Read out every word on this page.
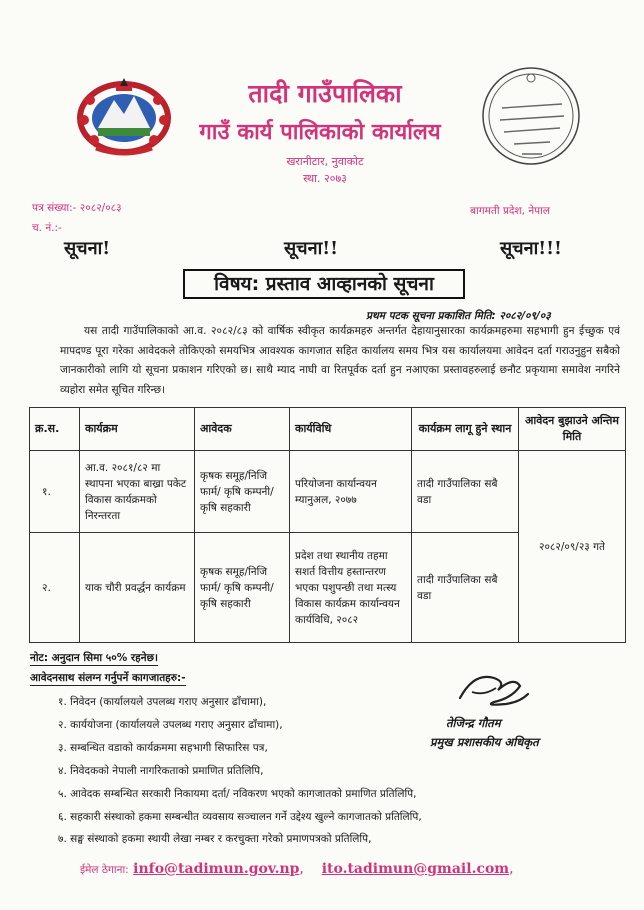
तादी गाउँपालिका
गाउँ कार्य पालिकाको कार्यालय
खरानीटार, नुवाकोट
स्था. २०७३
पत्र संख्या:- २०८२/०८३
च. नं.:-
बागमती प्रदेश, नेपाल
सूचना!	सूचना!!	सूचना!!!
विषय: प्रस्ताव आव्हानको सूचना
प्रथम पटक सूचना प्रकाशित मिति: २०८२/०९/०३
यस तादी गाउँपालिकाको आ.व. २०८२/८३ को वार्षिक स्वीकृत कार्यक्रमहरु अन्तर्गत देहायानुसारका कार्यक्रमहरुमा सहभागी हुन ईच्छुक एवं मापदण्ड पूरा गरेका आवेदकले तोकिएको समयभित्र आवश्यक कागजात सहित कार्यालय समय भित्र यस कार्यालयमा आवेदन दर्ता गराउनुहुन सबैको जानकारीको लागि यो सूचना प्रकाशन गरिएको छ। साथै म्याद नाघी वा रितपूर्वक दर्ता हुन नआएका प्रस्तावहरुलाई छनौट प्रकृयामा समावेश नगरिने व्यहोरा समेत सूचित गरिन्छ।
क्र.स.	कार्यक्रम	आवेदक	कार्यविधि	कार्यक्रम लागू हुने स्थान	आवेदन बुझाउने अन्तिम मिति
१.	आ.व. २०८१/८२ मा स्थापना भएका बाख्रा पकेट विकास कार्यक्रमको निरन्तरता	कृषक समूह/निजि फार्म/ कृषि कम्पनी/ कृषि सहकारी	परियोजना कार्यान्वयन म्यानुअल, २०७७	तादी गाउँपालिका सबै वडा	२०८२/०९/२३ गते
२.	याक चौरी प्रवर्द्धन कार्यक्रम	कृषक समूह/निजि फार्म/ कृषि कम्पनी/ कृषि सहकारी	प्रदेश तथा स्थानीय तहमा सशर्त वित्तीय हस्तान्तरण भएका पशुपन्छी तथा मत्स्य विकास कार्यक्रम कार्यान्वयन कार्यविधि, २०८२	तादी गाउँपालिका सबै वडा	
नोट: अनुदान सिमा ५०% रहनेछ।
आवेदनसाथ संलग्न गर्नुपर्ने कागजातहरु:-
१. निवेदन (कार्यालयले उपलब्ध गराए अनुसार ढाँचामा),
२. कार्ययोजना (कार्यालयले उपलब्ध गराए अनुसार ढाँचामा),
३. सम्बन्धित वडाको कार्यक्रममा सहभागी सिफारिस पत्र,
४. निवेदकको नेपाली नागरिकताको प्रमाणित प्रतिलिपि,
५. आवेदक सम्बन्धित सरकारी निकायमा दर्ता/ नविकरण भएको कागजातको प्रमाणित प्रतिलिपि,
६. सहकारी संस्थाको हकमा सम्बन्धीत व्यवसाय सञ्चालन गर्ने उद्देश्य खुल्ने कागजातको प्रतिलिपि,
७. सङ्घ संस्थाको हकमा स्थायी लेखा नम्बर र करचुक्ता गरेको प्रमाणपत्रको प्रतिलिपि,
तेजिन्द्र गौतम
प्रमुख प्रशासकीय अधिकृत
ईमेल ठेगाना: info@tadimun.gov.np,    ito.tadimun@gmail.com,
